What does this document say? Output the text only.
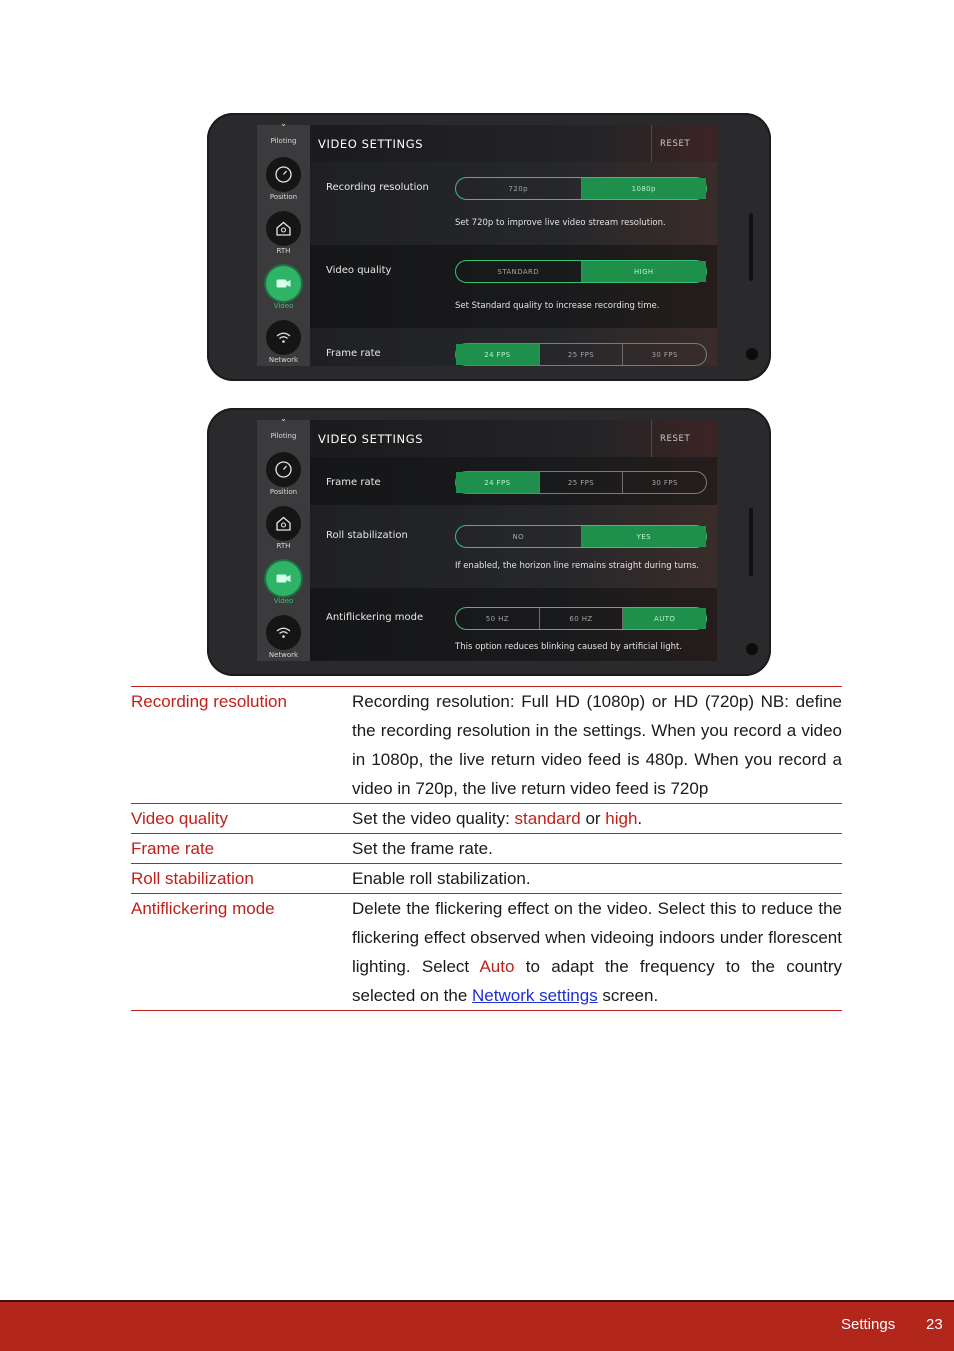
⌄
Piloting
Position
RTH
Video
Network
VIDEO SETTINGS	RESET
Recording resolution	720p	1080p
Set 720p to improve live video stream resolution.
Video quality	STANDARD	HIGH
Set Standard quality to increase recording time.
Frame rate	24 FPS	25 FPS	30 FPS
⌄
Piloting
Position
RTH
Video
Network
VIDEO SETTINGS	RESET
Frame rate	24 FPS	25 FPS	30 FPS
Roll stabilization	NO	YES
If enabled, the horizon line remains straight during turns.
Antiflickering mode	50 HZ	60 HZ	AUTO
This option reduces blinking caused by artificial light.
Recording resolution	Recording resolution: Full HD (1080p) or HD (720p) NB: define the recording resolution in the settings. When you record a video in 1080p, the live return video feed is 480p. When you record a video in 720p, the live return video feed is 720p
Video quality	Set the video quality: standard or high.
Frame rate	Set the frame rate.
Roll stabilization	Enable roll stabilization.
Antiflickering mode	Delete the flickering effect on the video. Select this to reduce the flickering effect observed when videoing indoors under florescent lighting. Select Auto to adapt the frequency to the country selected on the Network settings screen.
Settings 23
